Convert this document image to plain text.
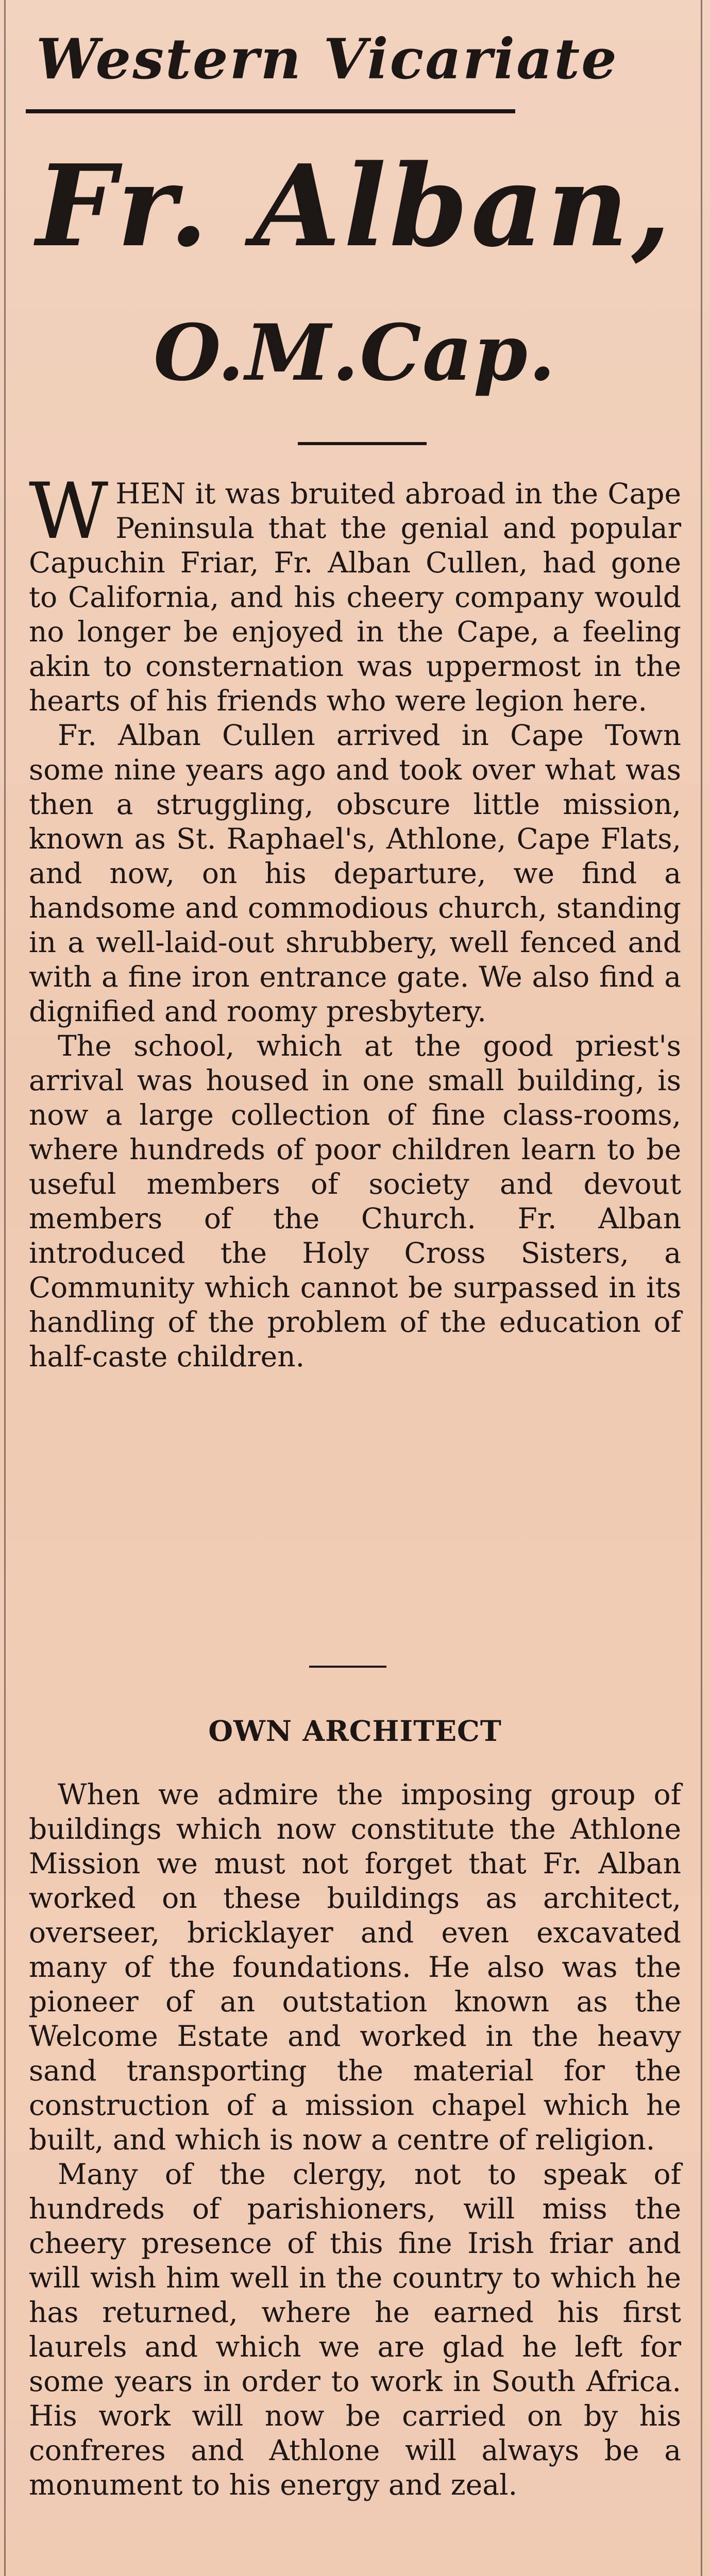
Western Vicariate
Fr. Alban,
O.M.Cap.

WHEN it was bruited abroad in the Cape Peninsula that the genial and popular Capuchin Friar, Fr. Alban Cullen, had gone to California, and his cheery company would no longer be enjoyed in the Cape, a feeling akin to consternation was uppermost in the hearts of his friends who were legion here.

Fr. Alban Cullen arrived in Cape Town some nine years ago and took over what was then a struggling, obscure little mission, known as St. Raphael's, Athlone, Cape Flats, and now, on his departure, we find a handsome and commodious church, standing in a well-laid-out shrubbery, well fenced and with a fine iron entrance gate. We also find a dignified and roomy presbytery.

The school, which at the good priest's arrival was housed in one small building, is now a large collection of fine class-rooms, where hundreds of poor children learn to be useful members of society and devout members of the Church. Fr. Alban introduced the Holy Cross Sisters, a Community which cannot be surpassed in its handling of the problem of the education of half-caste children.

OWN ARCHITECT

When we admire the imposing group of buildings which now constitute the Athlone Mission we must not forget that Fr. Alban worked on these buildings as architect, overseer, bricklayer and even excavated many of the foundations. He also was the pioneer of an outstation known as the Welcome Estate and worked in the heavy sand transporting the material for the construction of a mission chapel which he built, and which is now a centre of religion.

Many of the clergy, not to speak of hundreds of parishioners, will miss the cheery presence of this fine Irish friar and will wish him well in the country to which he has returned, where he earned his first laurels and which we are glad he left for some years in order to work in South Africa. His work will now be carried on by his confreres and Athlone will always be a monument to his energy and zeal.
